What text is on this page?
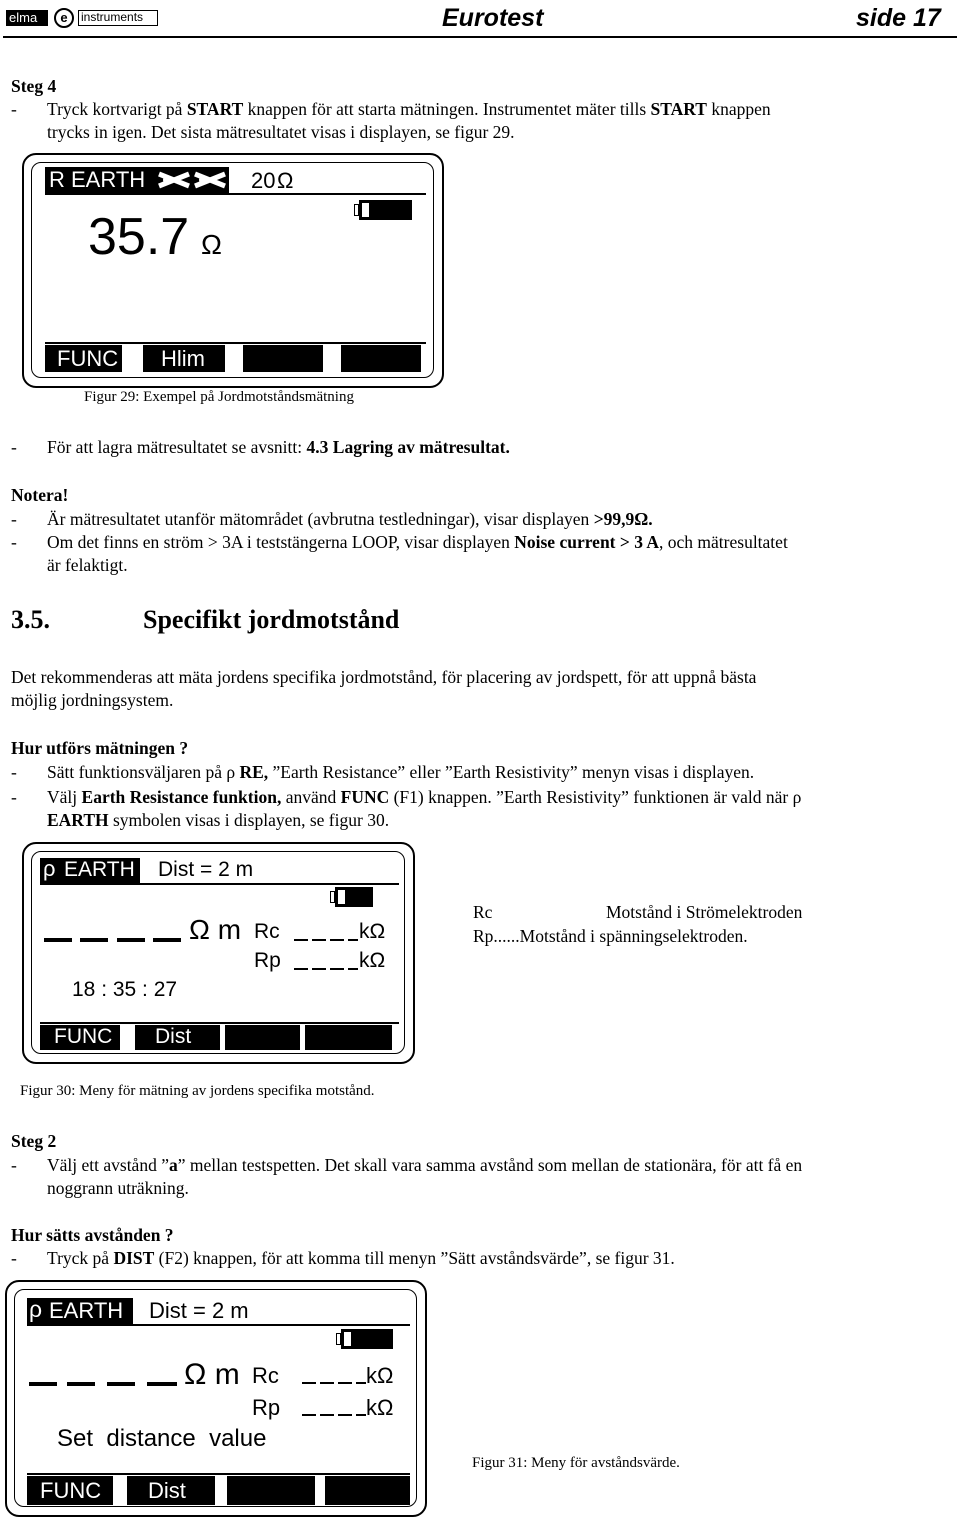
elma	e	instruments	Eurotest	side 17
Steg 4
- Tryck kortvarigt på START knappen för att starta mätningen. Instrumentet mäter tills START knappen
trycks in igen. Det sista mätresultatet visas i displayen, se figur 29.
R EARTH	20 Ω
35.7 Ω
FUNC Hlim
Figur 29: Exempel på Jordmotståndsmätning
- För att lagra mätresultatet se avsnitt: 4.3 Lagring av mätresultat.
Notera!
- Är mätresultatet utanför mätområdet (avbrutna testledningar), visar displayen >99,9Ω.
- Om det finns en ström > 3A i teststängerna LOOP, visar displayen Noise current > 3 A, och mätresultatet
är felaktigt.
3.5.	Specifikt jordmotstånd
Det rekommenderas att mäta jordens specifika jordmotstånd, för placering av jordspett, för att uppnå bästa
möjlig jordningsystem.
Hur utförs mätningen ?
- Sätt funktionsväljaren på ρ RE, ”Earth Resistance” eller ”Earth Resistivity” menyn visas i displayen.
- Välj Earth Resistance funktion, använd FUNC (F1) knappen. ”Earth Resistivity” funktionen är vald när ρ
EARTH symbolen visas i displayen, se figur 30.
ρ EARTH Dist = 2 m
Ω m Rc	kΩ
Rp	kΩ
18 : 35 : 27
FUNC Dist
Rc	Motstånd i Strömelektroden
Rp......Motstånd i spänningselektroden.
Figur 30: Meny för mätning av jordens specifika motstånd.
Steg 2
- Välj ett avstånd ”a” mellan testspetten. Det skall vara samma avstånd som mellan de stationära, för att få en
noggrann uträkning.
Hur sätts avstånden ?
- Tryck på DIST (F2) knappen, för att komma till menyn ”Sätt avståndsvärde”, se figur 31.
ρ EARTH Dist = 2 m
Ω m Rc	kΩ
Rp	kΩ
Set  distance  value
FUNC Dist
Figur 31: Meny för avståndsvärde.
